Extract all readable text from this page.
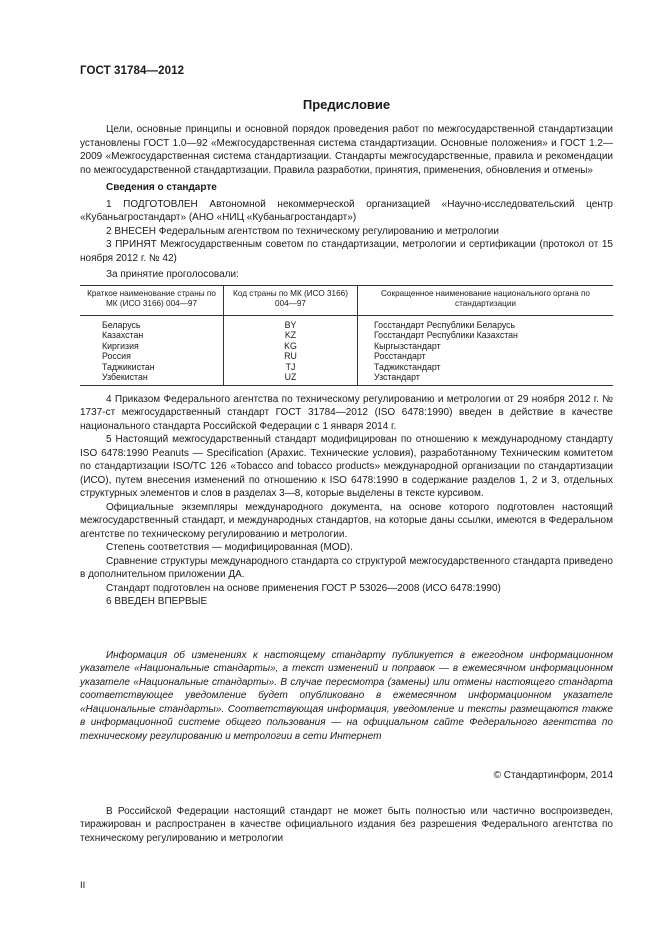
ГОСТ 31784—2012
Предисловие

Цели, основные принципы и основной порядок проведения работ по межгосударственной стандартизации установлены ГОСТ 1.0—92 «Межгосударственная система стандартизации. Основные положения» и ГОСТ 1.2—2009 «Межгосударственная система стандартизации. Стандарты межгосударственные, правила и рекомендации по межгосударственной стандартизации. Правила разработки, принятия, применения, обновления и отмены»

Сведения о стандарте

1 ПОДГОТОВЛЕН Автономной некоммерческой организацией «Научно-исследовательский центр «Кубаньагростандарт» (АНО «НИЦ «Кубаньагростандарт»)

2 ВНЕСЕН Федеральным агентством по техническому регулированию и метрологии

3 ПРИНЯТ Межгосударственным советом по стандартизации, метрологии и сертификации (протокол от 15 ноября 2012 г. № 42)

За принятие проголосовали:

Краткое наименование страны по МК (ИСО 3166) 004—97	Код страны по МК (ИСО 3166) 004—97	Сокращенное наименование национального органа по стандартизации
Беларусь	BY	Госстандарт Республики Беларусь
Казахстан	KZ	Госстандарт Республики Казахстан
Киргизия	KG	Кыргызстандарт
Россия	RU	Росстандарт
Таджикистан	TJ	Таджикстандарт
Узбекистан	UZ	Узстандарт

4 Приказом Федерального агентства по техническому регулированию и метрологии от 29 ноября 2012 г. № 1737-ст межгосударственный стандарт ГОСТ 31784—2012 (ISO 6478:1990) введен в действие в качестве национального стандарта Российской Федерации с 1 января 2014 г.

5 Настоящий межгосударственный стандарт модифицирован по отношению к международному стандарту ISO 6478:1990 Peanuts — Specification (Арахис. Технические условия), разработанному Техническим комитетом по стандартизации ISO/TC 126 «Tobacco and tobacco products» международной организации по стандартизации (ИСО), путем внесения изменений по отношению к ISO 6478:1990 в содержание разделов 1, 2 и 3, отдельных структурных элементов и слов в разделах 3—8, которые выделены в тексте курсивом.

Официальные экземпляры международного документа, на основе которого подготовлен настоящий межгосударственный стандарт, и международных стандартов, на которые даны ссылки, имеются в Федеральном агентстве по техническому регулированию и метрологии.

Степень соответствия — модифицированная (MOD).

Сравнение структуры международного стандарта со структурой межгосударственного стандарта приведено в дополнительном приложении ДА.

Стандарт подготовлен на основе применения ГОСТ Р 53026—2008 (ИСО 6478:1990)

6 ВВЕДЕН ВПЕРВЫЕ

Информация об изменениях к настоящему стандарту публикуется в ежегодном информационном указателе «Национальные стандарты», а текст изменений и поправок — в ежемесячном информационном указателе «Национальные стандарты». В случае пересмотра (замены) или отмены настоящего стандарта соответствующее уведомление будет опубликовано в ежемесячном информационном указателе «Национальные стандарты». Соответствующая информация, уведомление и тексты размещаются также в информационной системе общего пользования — на официальном сайте Федерального агентства по техническому регулированию и метрологии в сети Интернет

© Стандартинформ, 2014

В Российской Федерации настоящий стандарт не может быть полностью или частично воспроизведен, тиражирован и распространен в качестве официального издания без разрешения Федерального агентства по техническому регулированию и метрологии

II
